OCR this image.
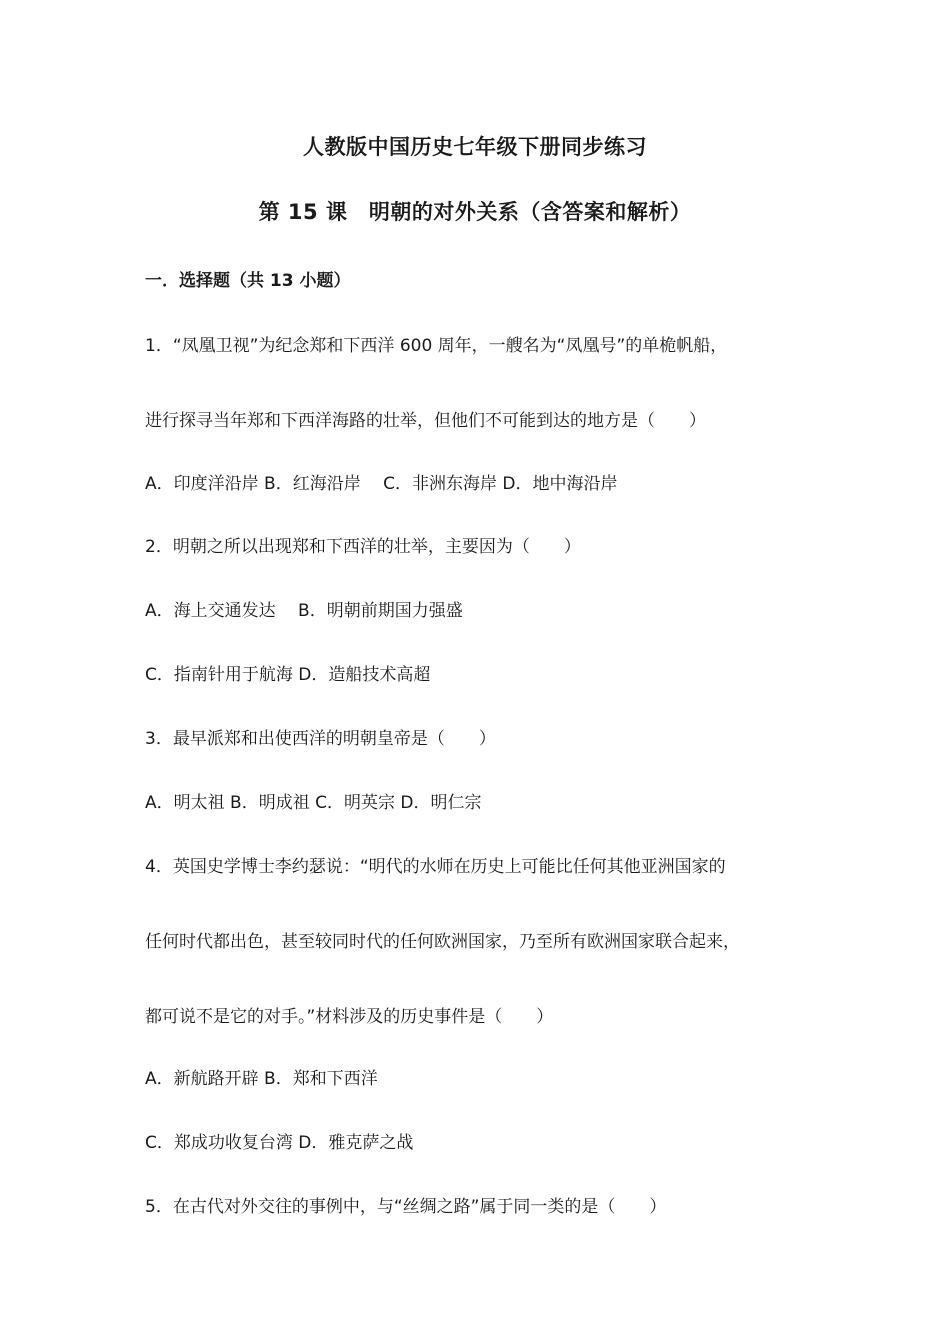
人教版中国历史七年级下册同步练习
第 15 课　明朝的对外关系（含答案和解析）
一．选择题（共 13 小题）
1．“凤凰卫视”为纪念郑和下西洋 600 周年，一艘名为“凤凰号”的单桅帆船，
进行探寻当年郑和下西洋海路的壮举，但他们不可能到达的地方是（　　）
A．印度洋沿岸 B．红海沿岸　 C．非洲东海岸 D．地中海沿岸
2．明朝之所以出现郑和下西洋的壮举，主要因为（　　）
A．海上交通发达　 B．明朝前期国力强盛
C．指南针用于航海 D．造船技术高超
3．最早派郑和出使西洋的明朝皇帝是（　　）
A．明太祖 B．明成祖 C．明英宗 D．明仁宗
4．英国史学博士李约瑟说：“明代的水师在历史上可能比任何其他亚洲国家的
任何时代都出色，甚至较同时代的任何欧洲国家，乃至所有欧洲国家联合起来，
都可说不是它的对手。”材料涉及的历史事件是（　　）
A．新航路开辟 B．郑和下西洋
C．郑成功收复台湾 D．雅克萨之战
5．在古代对外交往的事例中，与“丝绸之路”属于同一类的是（　　）
